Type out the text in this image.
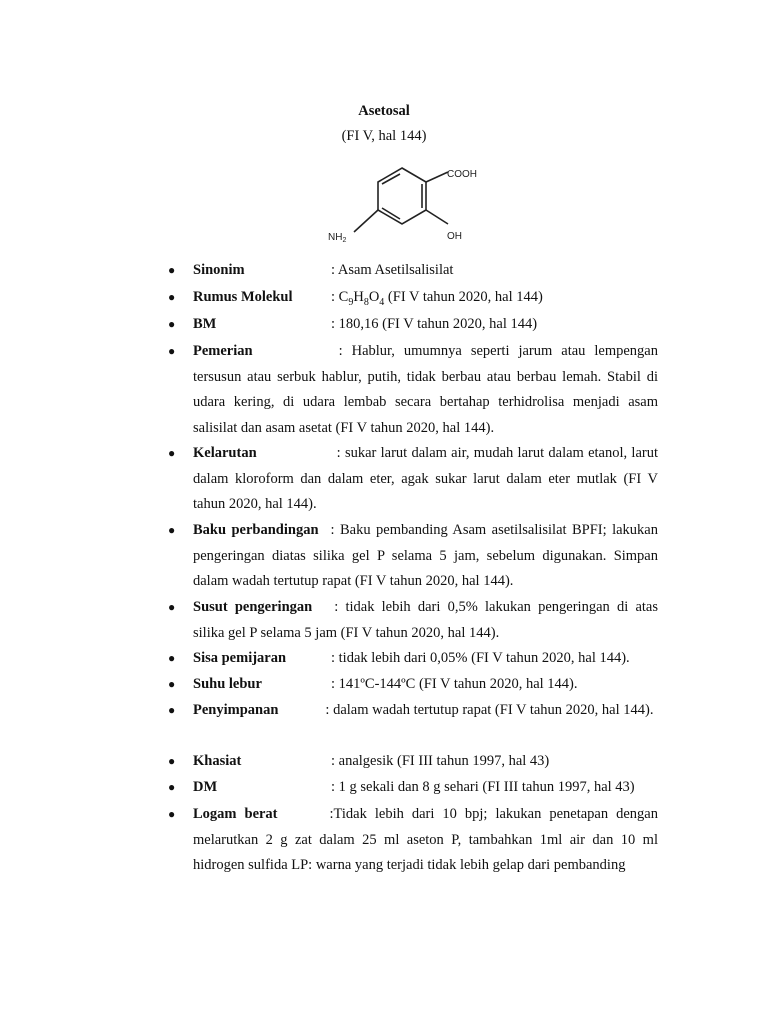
Asetosal
(FI V, hal 144)
COOH
OH
$NH_2$
● Sinonim	: Asam Asetilsalisilat
● Rumus Molekul	: $C_9H_8O_4$ (FI V tahun 2020, hal 144)
● BM	: 180,16 (FI V tahun 2020, hal 144)
● Pemerian	: Hablur, umumnya seperti jarum atau lempengan tersusun atau serbuk hablur, putih, tidak berbau atau berbau lemah. Stabil di udara kering, di udara lembab secara bertahap terhidrolisa menjadi asam salisilat dan asam asetat (FI V tahun 2020, hal 144).
● Kelarutan	: sukar larut dalam air, mudah larut dalam etanol, larut dalam kloroform dan dalam eter, agak sukar larut dalam eter mutlak (FI V tahun 2020, hal 144).
● Baku perbandingan : Baku pembanding Asam asetilsalisilat BPFI; lakukan pengeringan diatas silika gel P selama 5 jam, sebelum digunakan. Simpan dalam wadah tertutup rapat (FI V tahun 2020, hal 144).
● Susut pengeringan : tidak lebih dari 0,5% lakukan pengeringan di atas silika gel P selama 5 jam (FI V tahun 2020, hal 144).
● Sisa pemijaran	: tidak lebih dari 0,05% (FI V tahun 2020, hal 144).
● Suhu lebur	: 141ºC-144ºC (FI V tahun 2020, hal 144).
● Penyimpanan	: dalam wadah tertutup rapat (FI V tahun 2020, hal 144).
● Khasiat	: analgesik (FI III tahun 1997, hal 43)
● DM	: 1 g sekali dan 8 g sehari (FI III tahun 1997, hal 43)
● Logam berat	:Tidak lebih dari 10 bpj; lakukan penetapan dengan melarutkan 2 g zat dalam 25 ml aseton P, tambahkan 1ml air dan 10 ml hidrogen sulfida LP: warna yang terjadi tidak lebih gelap dari pembanding
